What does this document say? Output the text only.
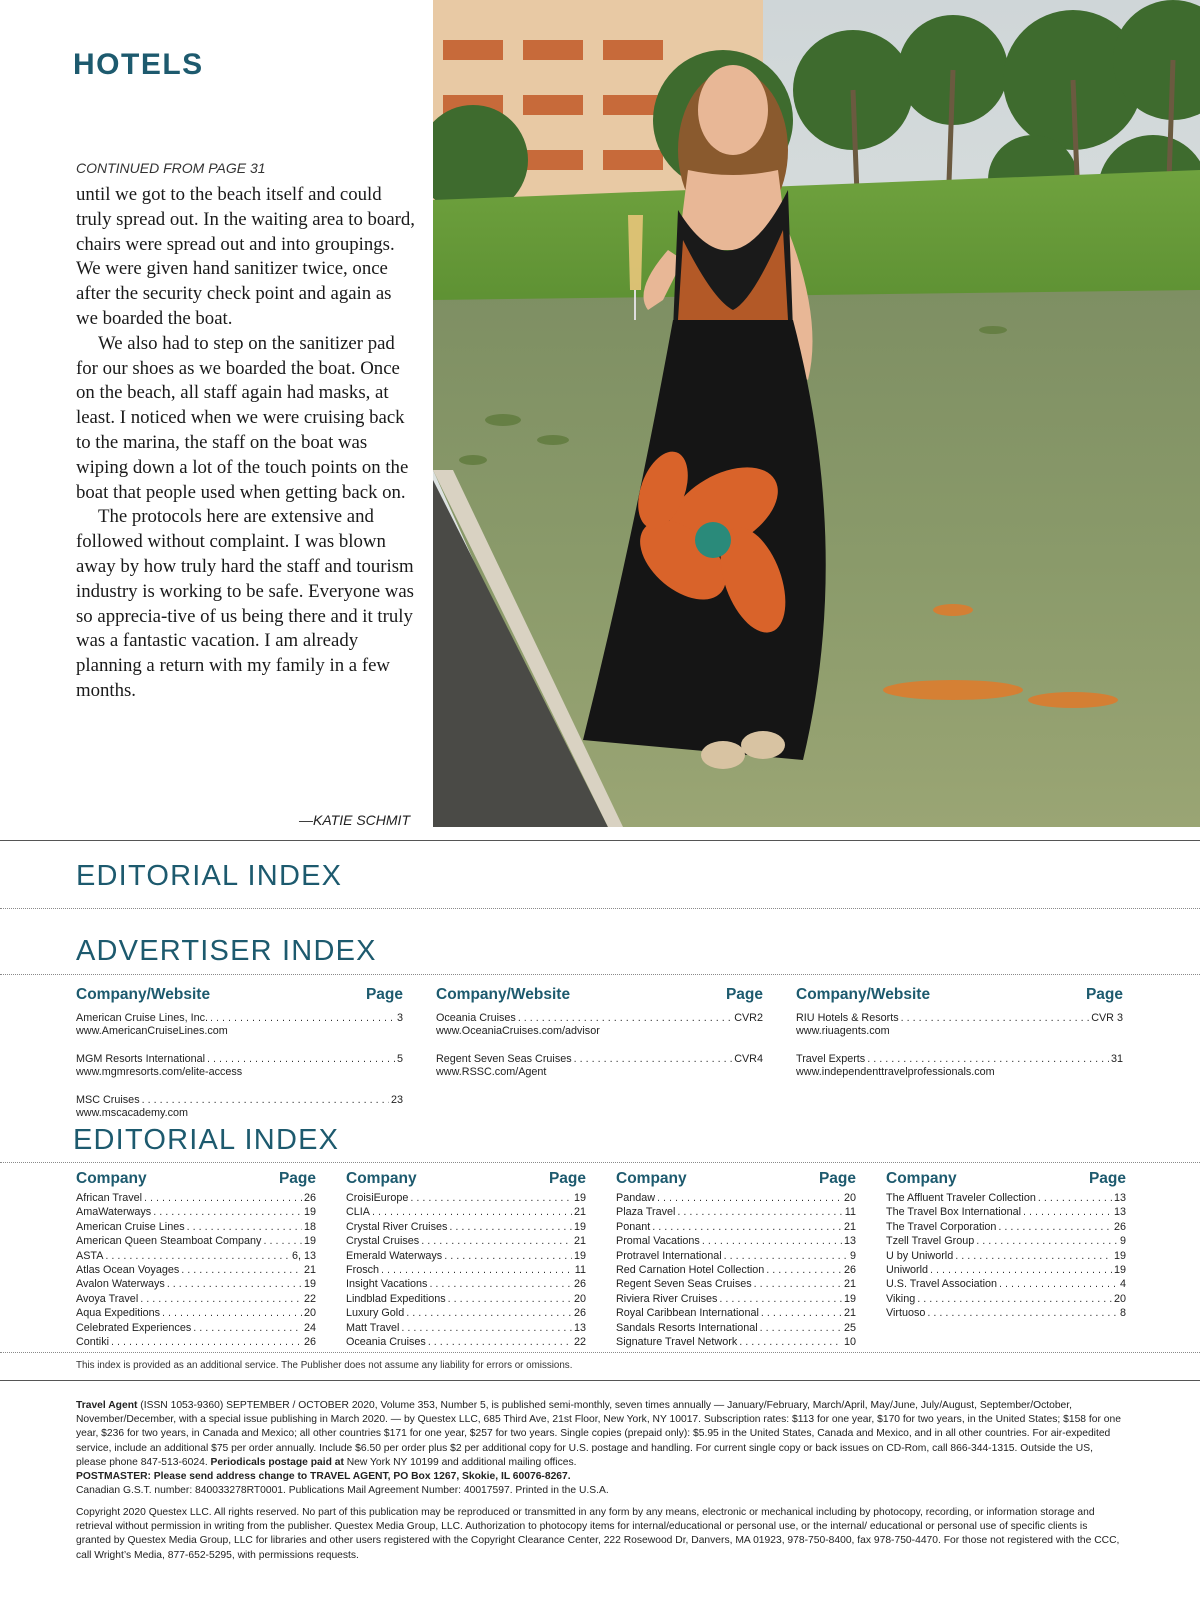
HOTELS
CONTINUED FROM PAGE 31

until we got to the beach itself and could truly spread out. In the waiting area to board, chairs were spread out and into groupings. We were given hand sanitizer twice, once after the security check point and again as we boarded the boat.

We also had to step on the sanitizer pad for our shoes as we boarded the boat. Once on the beach, all staff again had masks, at least. I noticed when we were cruising back to the marina, the staff on the boat was wiping down a lot of the touch points on the boat that people used when getting back on.

The protocols here are extensive and followed without complaint. I was blown away by how truly hard the staff and tourism industry is working to be safe. Everyone was so apprecia-tive of us being there and it truly was a fantastic vacation. I am already planning a return with my family in a few months.

—KATIE SCHMIT
EDITORIAL INDEX
ADVERTISER INDEX
Company/Website	Page
American Cruise Lines, Inc. . . .	3
www.AmericanCruiseLines.com
MGM Resorts International . . .	5
www.mgmresorts.com/elite-access
MSC Cruises . . .	23
www.mscacademy.com
Company/Website	Page
Oceania Cruises . . .	CVR2
www.OceaniaCruises.com/advisor
Regent Seven Seas Cruises . . .	CVR4
www.RSSC.com/Agent
Company/Website	Page
RIU Hotels & Resorts . . .	CVR 3
www.riuagents.com
Travel Experts . . .	31
www.independenttravelprofessionals.com
EDITORIAL INDEX
Company	Page
African Travel . . .	26
AmaWaterways . . .	19
American Cruise Lines . . .	18
American Queen Steamboat Company . . .	19
ASTA . . .	6, 13
Atlas Ocean Voyages . . .	21
Avalon Waterways . . .	19
Avoya Travel . . .	22
Aqua Expeditions . . .	20
Celebrated Experiences . . .	24
Contiki . . .	26
Company	Page
CroisiEurope . . .	19
CLIA . . .	21
Crystal River Cruises . . .	19
Crystal Cruises . . .	21
Emerald Waterways . . .	19
Frosch . . .	11
Insight Vacations . . .	26
Lindblad Expeditions . . .	20
Luxury Gold . . .	26
Matt Travel . . .	13
Oceania Cruises . . .	22
Company	Page
Pandaw . . .	20
Plaza Travel . . .	11
Ponant . . .	21
Promal Vacations . . .	13
Protravel International . . .	9
Red Carnation Hotel Collection . . .	26
Regent Seven Seas Cruises . . .	21
Riviera River Cruises . . .	19
Royal Caribbean International . . .	21
Sandals Resorts International . . .	25
Signature Travel Network . . .	10
Company	Page
The Affluent Traveler Collection . . .	13
The Travel Box International . . .	13
The Travel Corporation . . .	26
Tzell Travel Group . . .	9
U by Uniworld . . .	19
Uniworld . . .	19
U.S. Travel Association . . .	4
Viking . . .	20
Virtuoso . . .	8
This index is provided as an additional service. The Publisher does not assume any liability for errors or omissions.

Travel Agent (ISSN 1053-9360) SEPTEMBER / OCTOBER 2020, Volume 353, Number 5, is published semi-monthly, seven times annually — January/February, March/April, May/June, July/August, September/October, November/December, with a special issue publishing in March 2020. — by Questex LLC, 685 Third Ave, 21st Floor, New York, NY 10017. Subscription rates: $113 for one year, $170 for two years, in the United States; $158 for one year, $236 for two years, in Canada and Mexico; all other countries $171 for one year, $257 for two years. Single copies (prepaid only): $5.95 in the United States, Canada and Mexico, and in all other countries. For air-expedited service, include an additional $75 per order annually. Include $6.50 per order plus $2 per additional copy for U.S. postage and handling. For current single copy or back issues on CD-Rom, call 866-344-1315. Outside the US, please phone 847-513-6024. Periodicals postage paid at New York NY 10199 and additional mailing offices.

POSTMASTER: Please send address change to TRAVEL AGENT, PO Box 1267, Skokie, IL 60076-8267.

Canadian G.S.T. number: 840033278RT0001. Publications Mail Agreement Number: 40017597. Printed in the U.S.A.

Copyright 2020 Questex LLC. All rights reserved. No part of this publication may be reproduced or transmitted in any form by any means, electronic or mechanical including by photocopy, recording, or information storage and retrieval without permission in writing from the publisher. Questex Media Group, LLC. Authorization to photocopy items for internal/educational or personal use, or the internal/ educational or personal use of specific clients is granted by Questex Media Group, LLC for libraries and other users registered with the Copyright Clearance Center, 222 Rosewood Dr, Danvers, MA 01923, 978-750-8400, fax 978-750-4470. For those not registered with the CCC, call Wright’s Media, 877-652-5295, with permissions requests.
